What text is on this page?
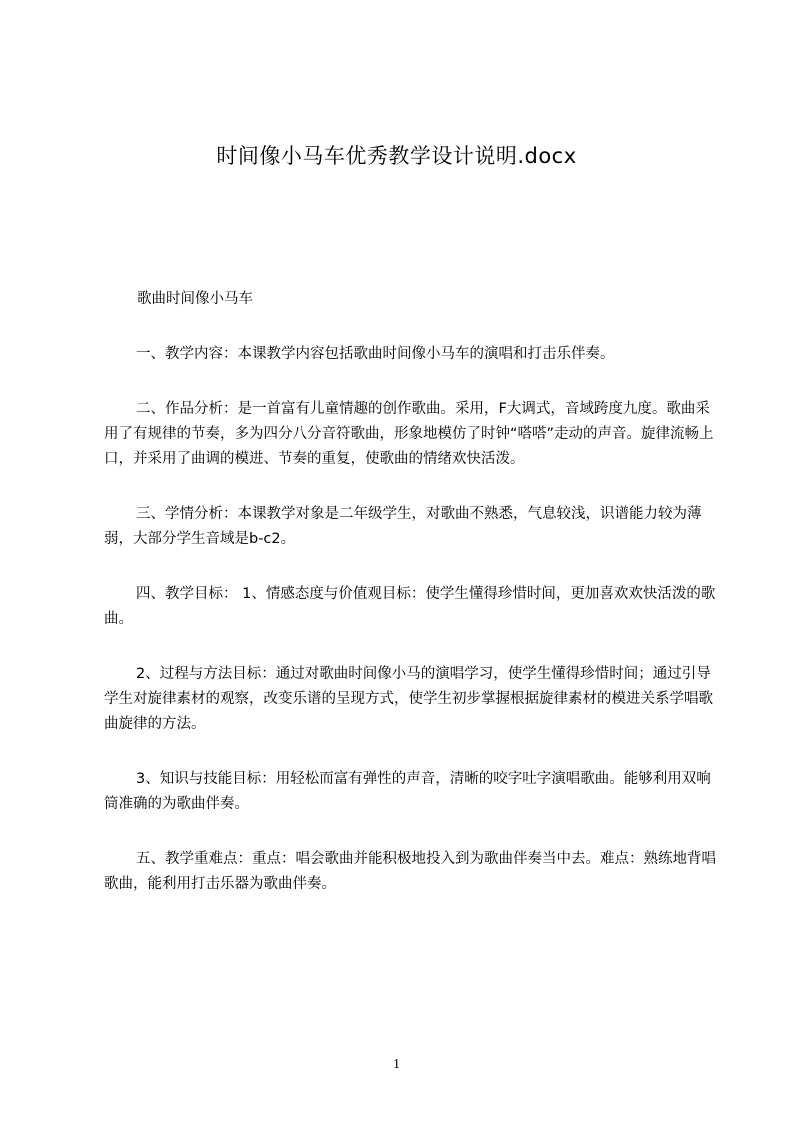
时间像小马车优秀教学设计说明.docx

歌曲时间像小马车

一、教学内容：本课教学内容包括歌曲时间像小马车的演唱和打击乐伴奏。

二、作品分析：是一首富有儿童情趣的创作歌曲。采用，F大调式，音域跨度九度。歌曲采用了有规律的节奏，多为四分八分音符歌曲，形象地模仿了时钟“嗒嗒”走动的声音。旋律流畅上口，并采用了曲调的模进、节奏的重复，使歌曲的情绪欢快活泼。

三、学情分析：本课教学对象是二年级学生，对歌曲不熟悉，气息较浅，识谱能力较为薄弱，大部分学生音域是b-c2。

四、教学目标： 1、情感态度与价值观目标：使学生懂得珍惜时间，更加喜欢欢快活泼的歌曲。

2、过程与方法目标：通过对歌曲时间像小马的演唱学习，使学生懂得珍惜时间；通过引导学生对旋律素材的观察，改变乐谱的呈现方式，使学生初步掌握根据旋律素材的模进关系学唱歌曲旋律的方法。

3、知识与技能目标：用轻松而富有弹性的声音，清晰的咬字吐字演唱歌曲。能够利用双响筒准确的为歌曲伴奏。

五、教学重难点：重点：唱会歌曲并能积极地投入到为歌曲伴奏当中去。难点：熟练地背唱歌曲，能利用打击乐器为歌曲伴奏。

1
